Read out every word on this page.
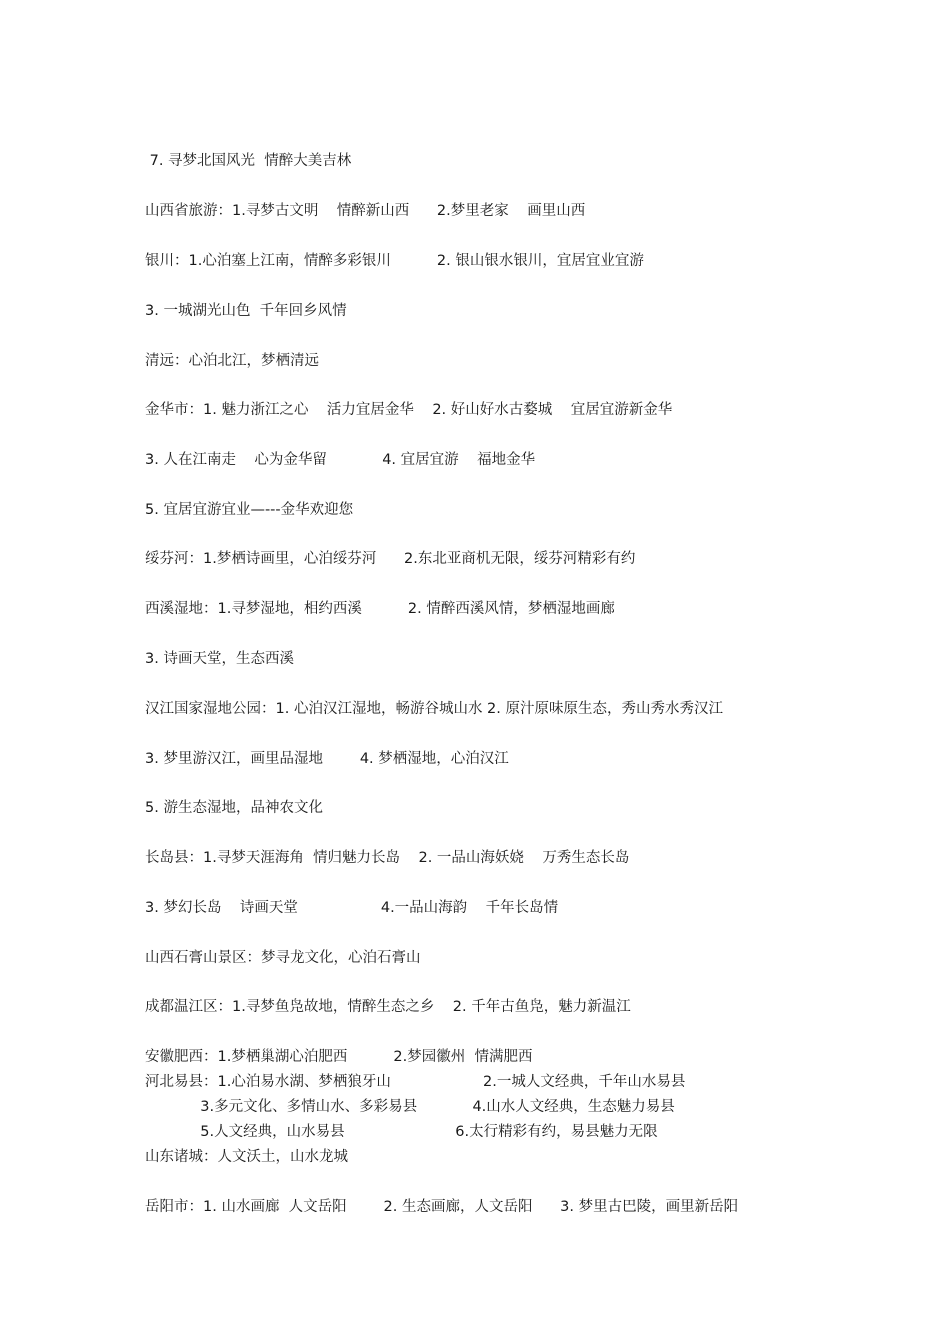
7. 寻梦北国风光  情醉大美吉林
山西省旅游：1.寻梦古文明    情醉新山西      2.梦里老家    画里山西
银川：1.心泊塞上江南，情醉多彩银川          2. 银山银水银川，宜居宜业宜游
3. 一城湖光山色  千年回乡风情
清远：心泊北江，梦栖清远
金华市：1. 魅力浙江之心    活力宜居金华    2. 好山好水古婺城    宜居宜游新金华
3. 人在江南走    心为金华留            4. 宜居宜游    福地金华
5. 宜居宜游宜业—---金华欢迎您
绥芬河：1.梦栖诗画里，心泊绥芬河      2.东北亚商机无限，绥芬河精彩有约
西溪湿地：1.寻梦湿地，相约西溪          2. 情醉西溪风情，梦栖湿地画廊
3. 诗画天堂，生态西溪
汉江国家湿地公园：1. 心泊汉江湿地，畅游谷城山水 2. 原汁原味原生态，秀山秀水秀汉江
3. 梦里游汉江，画里品湿地        4. 梦栖湿地，心泊汉江
5. 游生态湿地，品神农文化
长岛县：1.寻梦天涯海角  情归魅力长岛    2. 一品山海妖娆    万秀生态长岛
3. 梦幻长岛    诗画天堂                  4.一品山海韵    千年长岛情
山西石膏山景区：梦寻龙文化，心泊石膏山
成都温江区：1.寻梦鱼凫故地，情醉生态之乡    2. 千年古鱼凫，魅力新温江
安徽肥西：1.梦栖巢湖心泊肥西          2.梦园徽州  情满肥西
河北易县：1.心泊易水湖、梦栖狼牙山                    2.一城人文经典，千年山水易县
3.多元文化、多情山水、多彩易县            4.山水人文经典，生态魅力易县
5.人文经典，山水易县                        6.太行精彩有约，易县魅力无限
山东诸城：人文沃土，山水龙城
岳阳市：1. 山水画廊  人文岳阳        2. 生态画廊，人文岳阳      3. 梦里古巴陵，画里新岳阳
